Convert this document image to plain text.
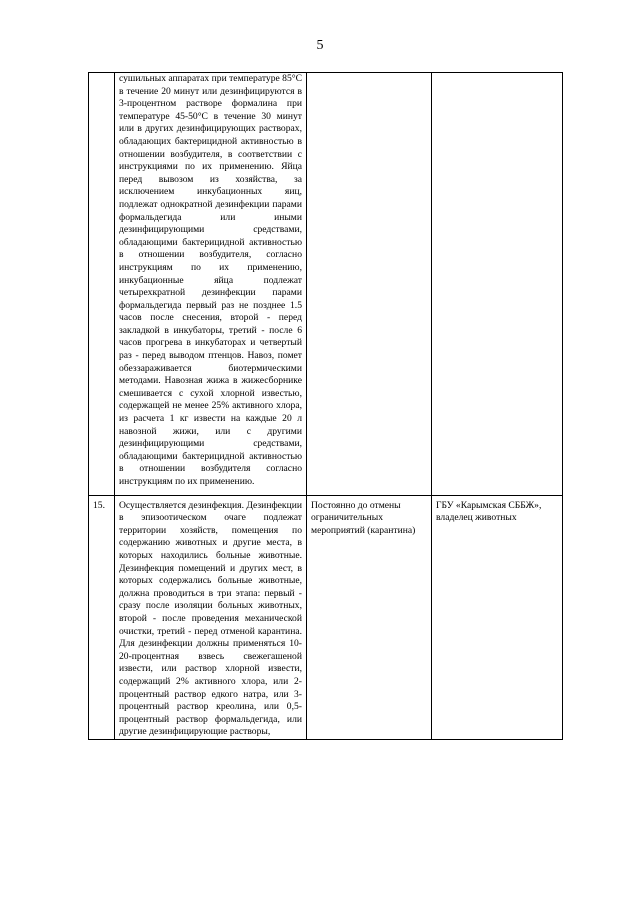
5

	сушильных аппаратах при температуре 85°С в течение 20 минут или дезинфицируются в 3-процентном растворе формалина при температуре 45-50°С в течение 30 минут или в других дезинфицирующих растворах, обладающих бактерицидной активностью в отношении возбудителя, в соответствии с инструкциями по их применению. Яйца перед вывозом из хозяйства, за исключением инкубационных яиц, подлежат однократной дезинфекции парами формальдегида или иными дезинфицирующими средствами, обладающими бактерицидной активностью в отношении возбудителя, согласно инструкциям по их применению, инкубационные яйца подлежат четырехкратной дезинфекции парами формальдегида первый раз не позднее 1.5 часов после снесения, второй - перед закладкой в инкубаторы, третий - после 6 часов прогрева в инкубаторах и четвертый раз - перед выводом птенцов. Навоз, помет обеззараживается биотермическими методами. Навозная жижа в жижесборнике смешивается с сухой хлорной известью, содержащей не менее 25% активного хлора, из расчета 1 кг извести на каждые 20 л навозной жижи, или с другими дезинфицирующими средствами, обладающими бактерицидной активностью в отношении возбудителя согласно инструкциям по их применению.		

15.	Осуществляется дезинфекция. Дезинфекции в эпизоотическом очаге подлежат территории хозяйств, помещения по содержанию животных и другие места, в которых находились больные животные. Дезинфекция помещений и других мест, в которых содержались больные животные, должна проводиться в три этапа: первый - сразу после изоляции больных животных, второй - после проведения механической очистки, третий - перед отменой карантина. Для дезинфекции должны применяться 10-20-процентная взвесь свежегашеной извести, или раствор хлорной извести, содержащий 2% активного хлора, или 2-процентный раствор едкого натра, или 3-процентный раствор креолина, или 0,5-процентный раствор формальдегида, или другие дезинфицирующие растворы,	Постоянно до отмены ограничительных мероприятий (карантина)	ГБУ «Карымская СББЖ», владелец животных
